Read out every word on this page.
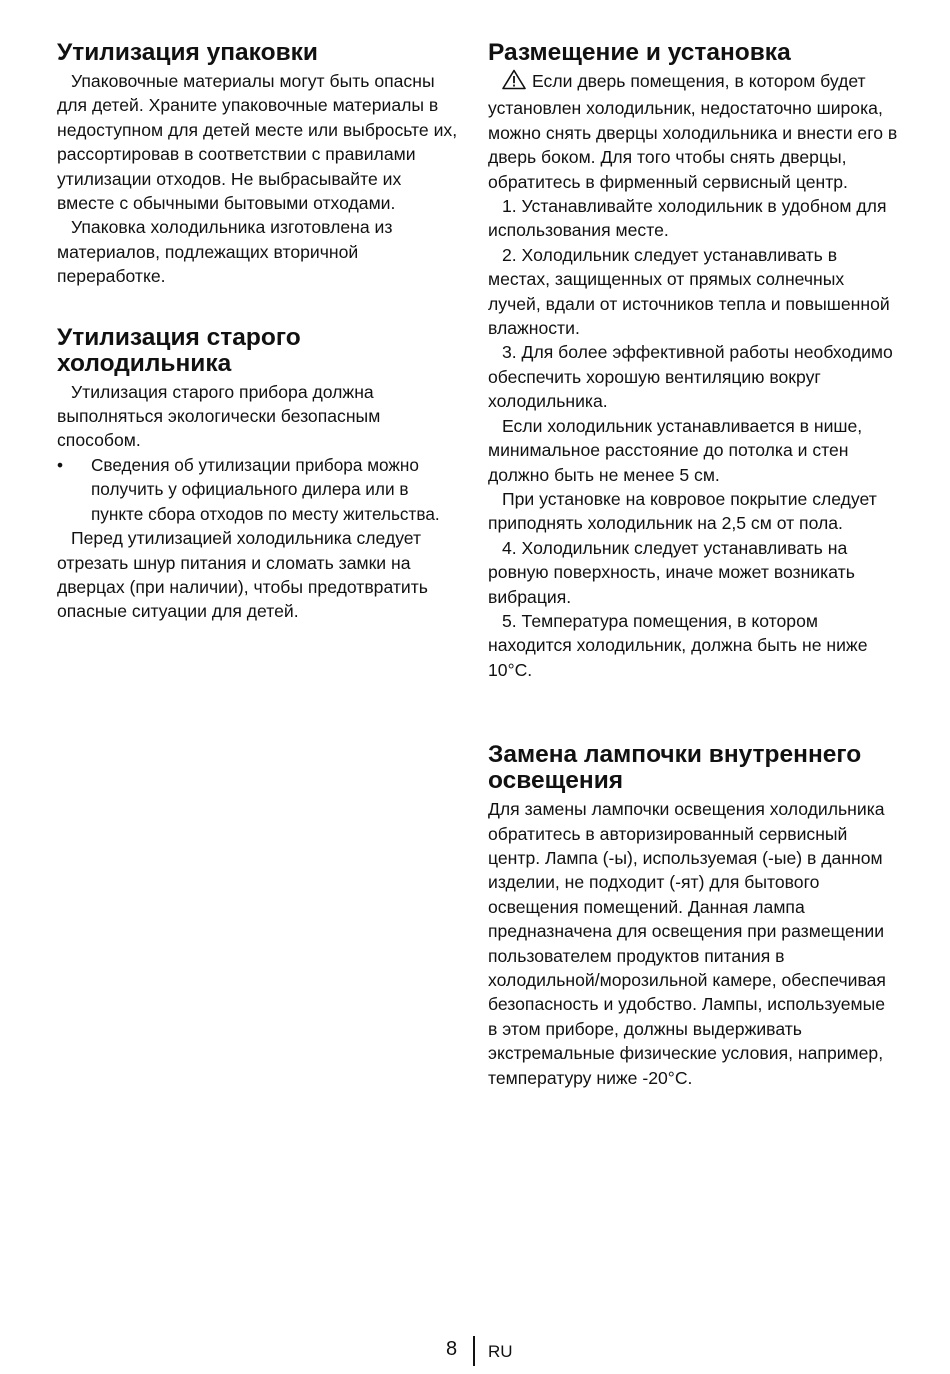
Утилизация упаковки

Упаковочные материалы могут быть опасны для детей. Храните упаковочные материалы в недоступном для детей месте или выбросьте их, рассортировав в соответствии с правилами утилизации отходов. Не выбрасывайте их вместе с обычными бытовыми отходами.

Упаковка холодильника изготовлена из материалов, подлежащих вторичной переработке.

Утилизация старого холодильника

Утилизация старого прибора должна выполняться экологически безопасным способом.

• Сведения об утилизации прибора можно получить у официального дилера или в пункте сбора отходов по месту жительства.

Перед утилизацией холодильника следует отрезать шнур питания и сломать замки на дверцах (при наличии), чтобы предотвратить опасные ситуации для детей.

Размещение и установка

Если дверь помещения, в котором будет установлен холодильник, недостаточно широка, можно снять дверцы холодильника и внести его в дверь боком. Для того чтобы снять дверцы, обратитесь в фирменный сервисный центр.

1. Устанавливайте холодильник в удобном для использования месте.

2. Холодильник следует устанавливать в местах, защищенных от прямых солнечных лучей, вдали от источников тепла и повышенной влажности.

3. Для более эффективной работы необходимо обеспечить хорошую вентиляцию вокруг холодильника.

Если холодильник устанавливается в нише, минимальное расстояние до потолка и стен должно быть не менее 5 см.

При установке на ковровое покрытие следует приподнять холодильник на 2,5 см от пола.

4. Холодильник следует устанавливать на ровную поверхность, иначе может возникать вибрация.

5. Температура помещения, в котором находится холодильник, должна быть не ниже 10°C.

Замена лампочки внутреннего освещения

Для замены лампочки освещения холодильника обратитесь в авторизированный сервисный центр. Лампа (-ы), используемая (-ые) в данном изделии, не подходит (-ят) для бытового освещения помещений. Данная лампа предназначена для освещения при размещении пользователем продуктов питания в холодильной/морозильной камере, обеспечивая безопасность и удобство. Лампы, используемые в этом приборе, должны выдерживать экстремальные физические условия, например, температуру ниже -20°C.

8 RU
